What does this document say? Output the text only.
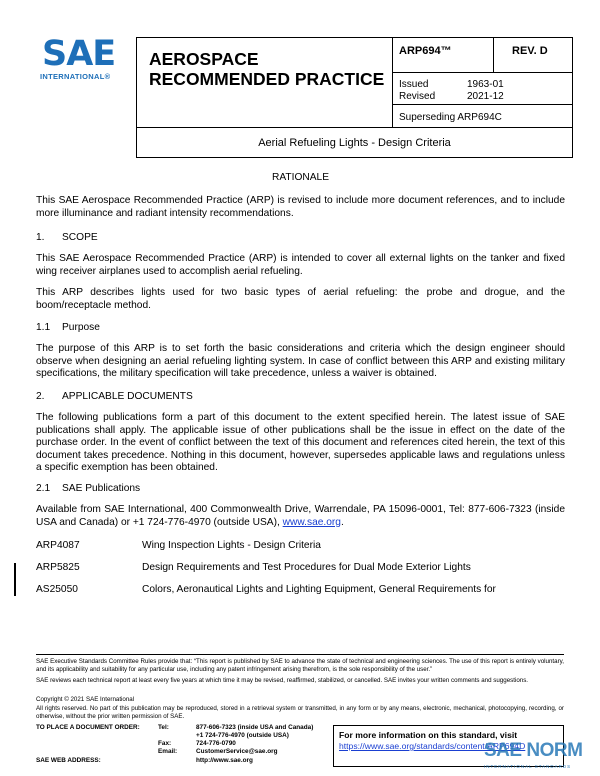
SAE
INTERNATIONAL®
AEROSPACE
RECOMMENDED PRACTICE
ARP694™	REV. D
Issued	1963-01
Revised	2021-12
Superseding ARP694C
Aerial Refueling Lights - Design Criteria
RATIONALE
This SAE Aerospace Recommended Practice (ARP) is revised to include more document references, and to include more illuminance and radiant intensity recommendations.
1. SCOPE
This SAE Aerospace Recommended Practice (ARP) is intended to cover all external lights on the tanker and fixed wing receiver airplanes used to accomplish aerial refueling.
This ARP describes lights used for two basic types of aerial refueling: the probe and drogue, and the boom/receptacle method.
1.1 Purpose
The purpose of this ARP is to set forth the basic considerations and criteria which the design engineer should observe when designing an aerial refueling lighting system. In case of conflict between this ARP and existing military specifications, the military specification will take precedence, unless a waiver is obtained.
2. APPLICABLE DOCUMENTS
The following publications form a part of this document to the extent specified herein. The latest issue of SAE publications shall apply. The applicable issue of other publications shall be the issue in effect on the date of the purchase order. In the event of conflict between the text of this document and references cited herein, the text of this document takes precedence. Nothing in this document, however, supersedes applicable laws and regulations unless a specific exemption has been obtained.
2.1 SAE Publications
Available from SAE International, 400 Commonwealth Drive, Warrendale, PA 15096-0001, Tel: 877-606-7323 (inside USA and Canada) or +1 724-776-4970 (outside USA), www.sae.org.
ARP4087	Wing Inspection Lights - Design Criteria
ARP5825	Design Requirements and Test Procedures for Dual Mode Exterior Lights
AS25050	Colors, Aeronautical Lights and Lighting Equipment, General Requirements for
SAE Executive Standards Committee Rules provide that: “This report is published by SAE to advance the state of technical and engineering sciences. The use of this report is entirely voluntary, and its applicability and suitability for any particular use, including any patent infringement arising therefrom, is the sole responsibility of the user.”
SAE reviews each technical report at least every five years at which time it may be revised, reaffirmed, stabilized, or cancelled. SAE invites your written comments and suggestions.
Copyright © 2021 SAE International
All rights reserved. No part of this publication may be reproduced, stored in a retrieval system or transmitted, in any form or by any means, electronic, mechanical, photocopying, recording, or otherwise, without the prior written permission of SAE.
TO PLACE A DOCUMENT ORDER:	Tel:	877-606-7323 (inside USA and Canada)
+1 724-776-4970 (outside USA)
Fax:	724-776-0790
Email:	CustomerService@sae.org
SAE WEB ADDRESS:	http://www.sae.org
For more information on this standard, visit
https://www.sae.org/standards/content/ARP694D
SAE NORM
INTERNATIONAL STANDARDS
